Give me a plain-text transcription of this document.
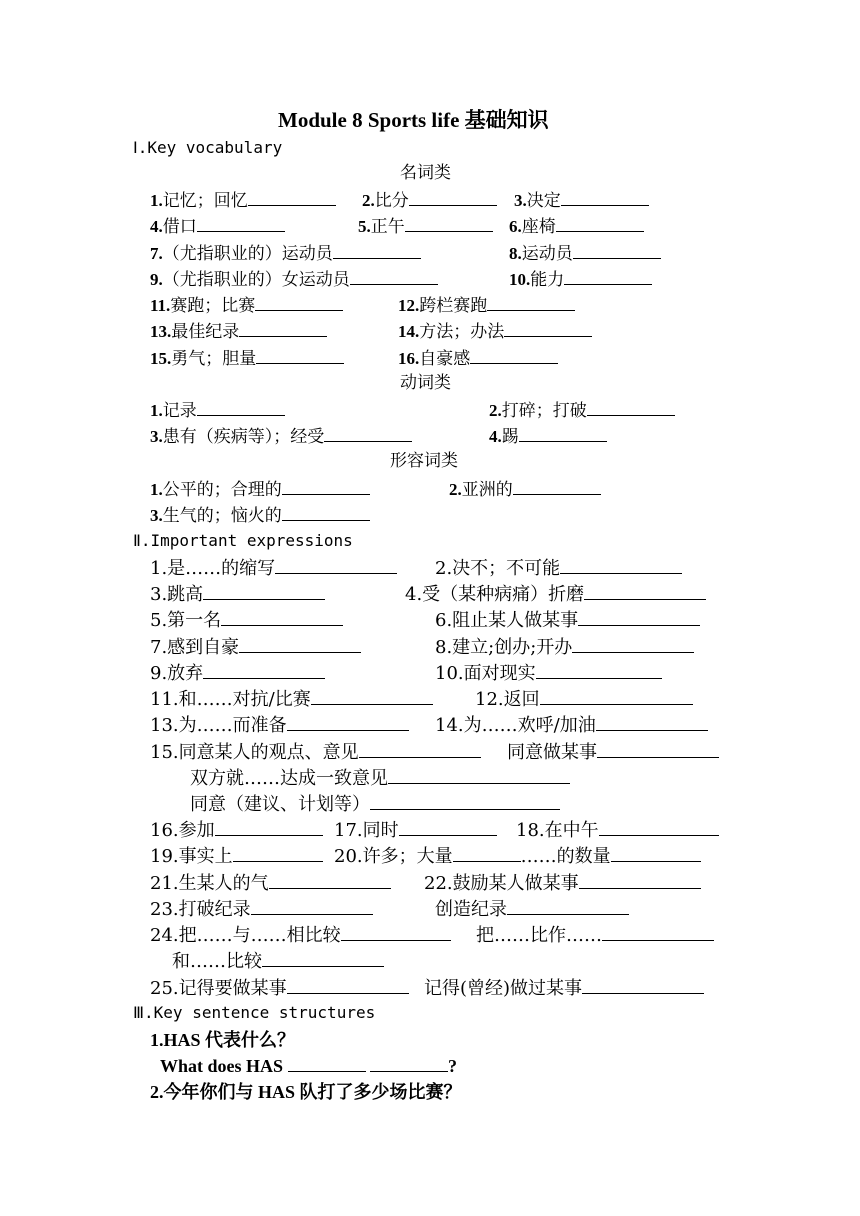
Module 8 Sports life 基础知识
Ⅰ.Key vocabulary
名词类
1.记忆；回忆	2.比分	3.决定
4.借口	5.正午	6.座椅
7.（尤指职业的）运动员	8.运动员
9.（尤指职业的）女运动员	10.能力
11.赛跑；比赛	12.跨栏赛跑
13.最佳纪录	14.方法；办法
15.勇气；胆量	16.自豪感
动词类
1.记录	2.打碎；打破
3.患有（疾病等）；经受	4.踢
形容词类
1.公平的；合理的	2.亚洲的
3.生气的；恼火的
Ⅱ.Important expressions
1.是……的缩写	2.决不；不可能
3.跳高	4.受（某种病痛）折磨
5.第一名	6.阻止某人做某事
7.感到自豪	8.建立;创办;开办
9.放弃	10.面对现实
11.和……对抗/比赛	12.返回
13.为……而准备	14.为……欢呼/加油
15.同意某人的观点、意见	同意做某事
双方就……达成一致意见
同意（建议、计划等）
16.参加	17.同时	18.在中午
19.事实上	20.许多；大量	……的数量
21.生某人的气	22.鼓励某人做某事
23.打破纪录	创造纪录
24.把……与……相比较	把……比作……
和……比较
25.记得要做某事	记得(曾经)做过某事
Ⅲ.Key sentence structures
1.HAS 代表什么？
What does HAS	?
2.今年你们与 HAS 队打了多少场比赛？
